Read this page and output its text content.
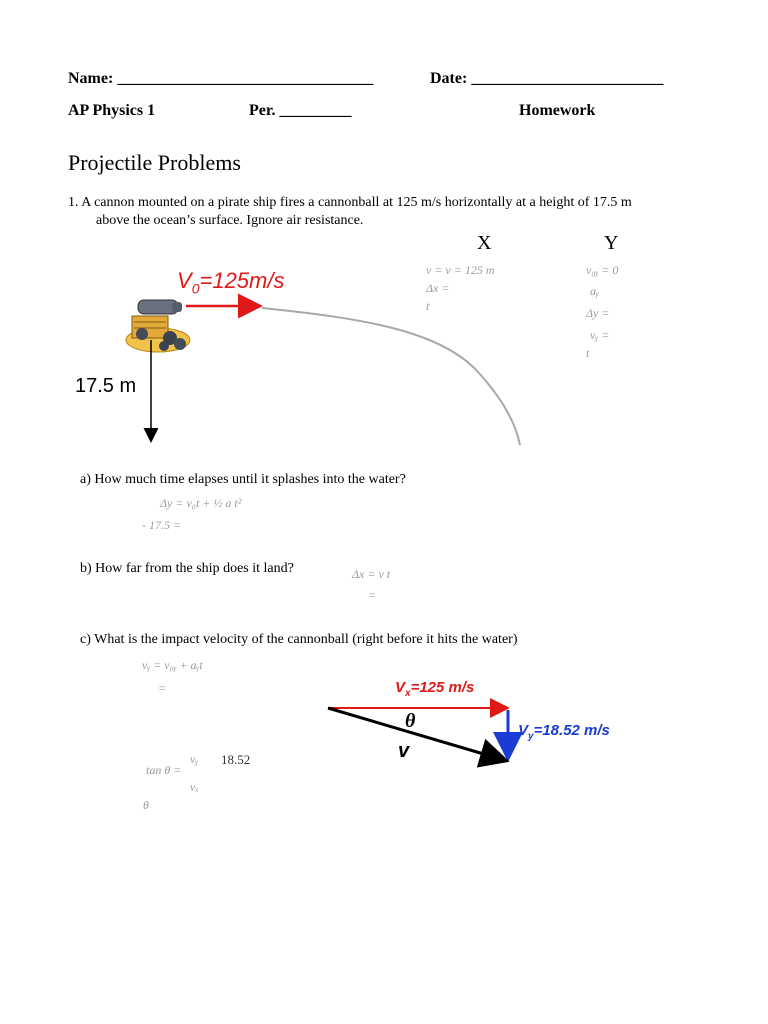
Name: ________________________________	Date: ________________________
AP Physics 1	Per. _________	Homework
Projectile Problems
1. A cannon mounted on a pirate ship fires a cannonball at 125 m/s horizontally at a height of 17.5 m
above the ocean’s surface. Ignore air resistance.
X	Y
v = v = 125 m
Δx =
t
v₀ᵧ = 0
aᵧ
Δy =
vᵧ =
t
$V_0=125m/s$
17.5 m
a) How much time elapses until it splashes into the water?
Δy = v₀t + ½ a t²
- 17.5 =
b) How far from the ship does it land?	Δx = v t
=
c) What is the impact velocity of the cannonball (right before it hits the water)
vᵧ = v₀ᵧ + aᵧt
=
tan θ =
vᵧ 18.52
vₓ
θ
$V_x=125$ m/s
$V_y=18.52$ m/s
θ
v
